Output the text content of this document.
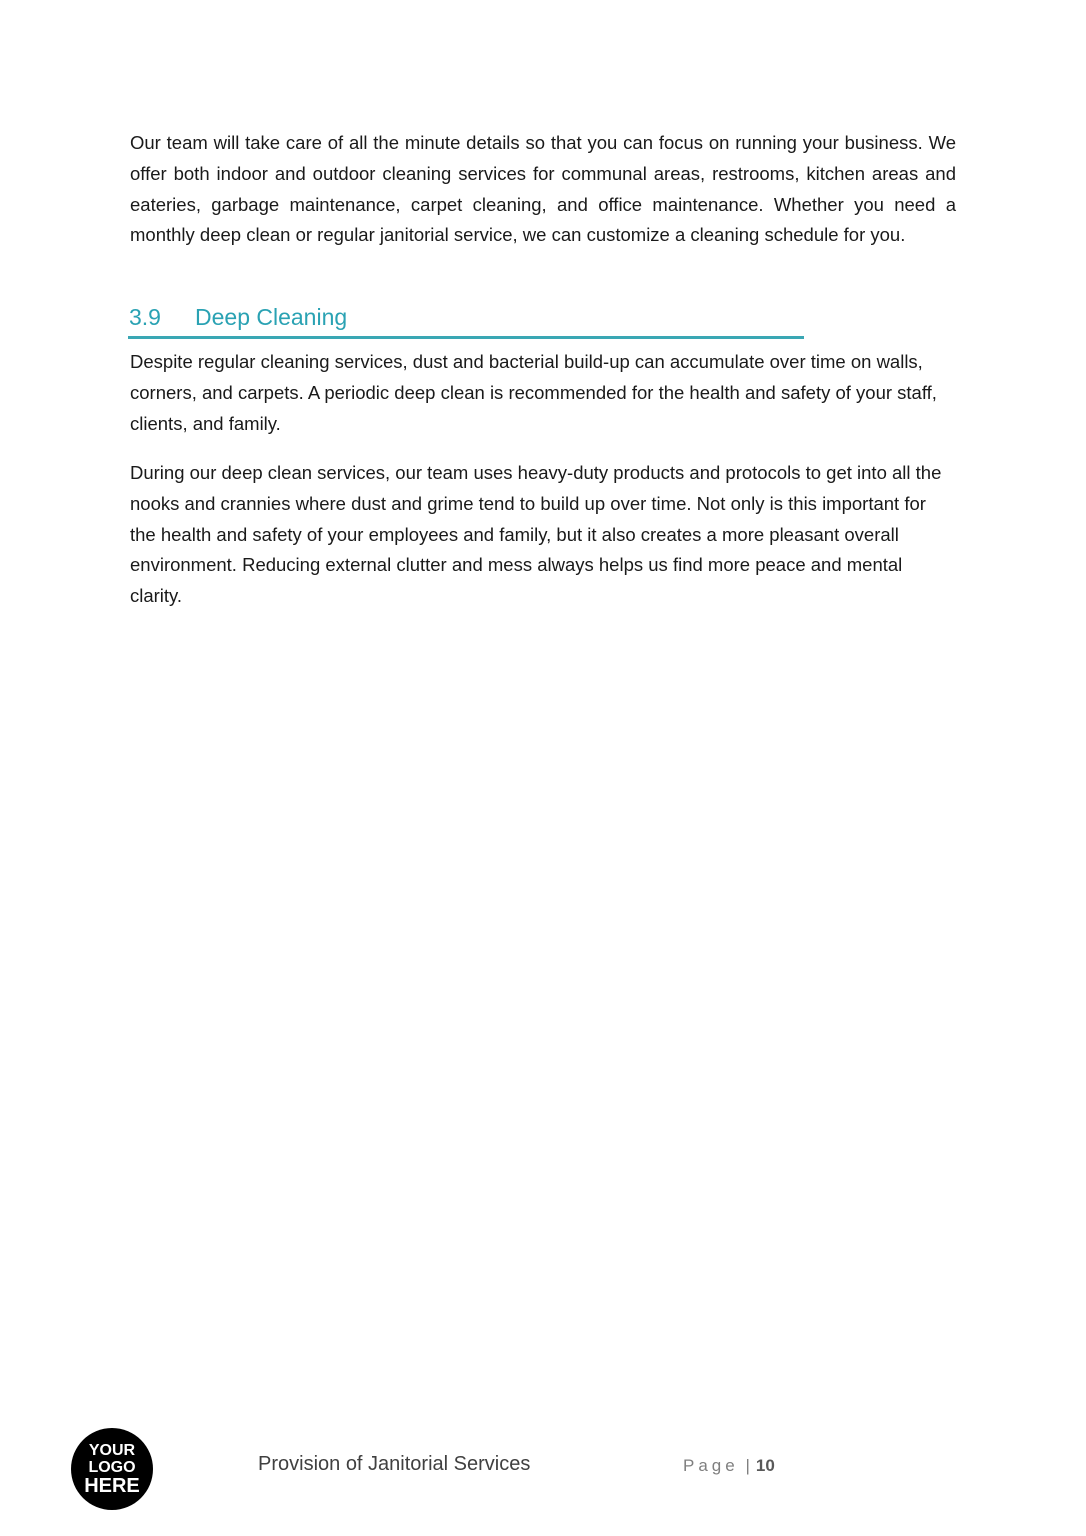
Our team will take care of all the minute details so that you can focus on running your business. We offer both indoor and outdoor cleaning services for communal areas, restrooms, kitchen areas and eateries, garbage maintenance, carpet cleaning, and office maintenance. Whether you need a monthly deep clean or regular janitorial service, we can customize a cleaning schedule for you.

3.9 Deep Cleaning

Despite regular cleaning services, dust and bacterial build-up can accumulate over time on walls, corners, and carpets. A periodic deep clean is recommended for the health and safety of your staff, clients, and family.

During our deep clean services, our team uses heavy-duty products and protocols to get into all the nooks and crannies where dust and grime tend to build up over time. Not only is this important for the health and safety of your employees and family, but it also creates a more pleasant overall environment. Reducing external clutter and mess always helps us find more peace and mental clarity.

YOUR
LOGO
HERE
Provision of Janitorial Services	Page | 10
